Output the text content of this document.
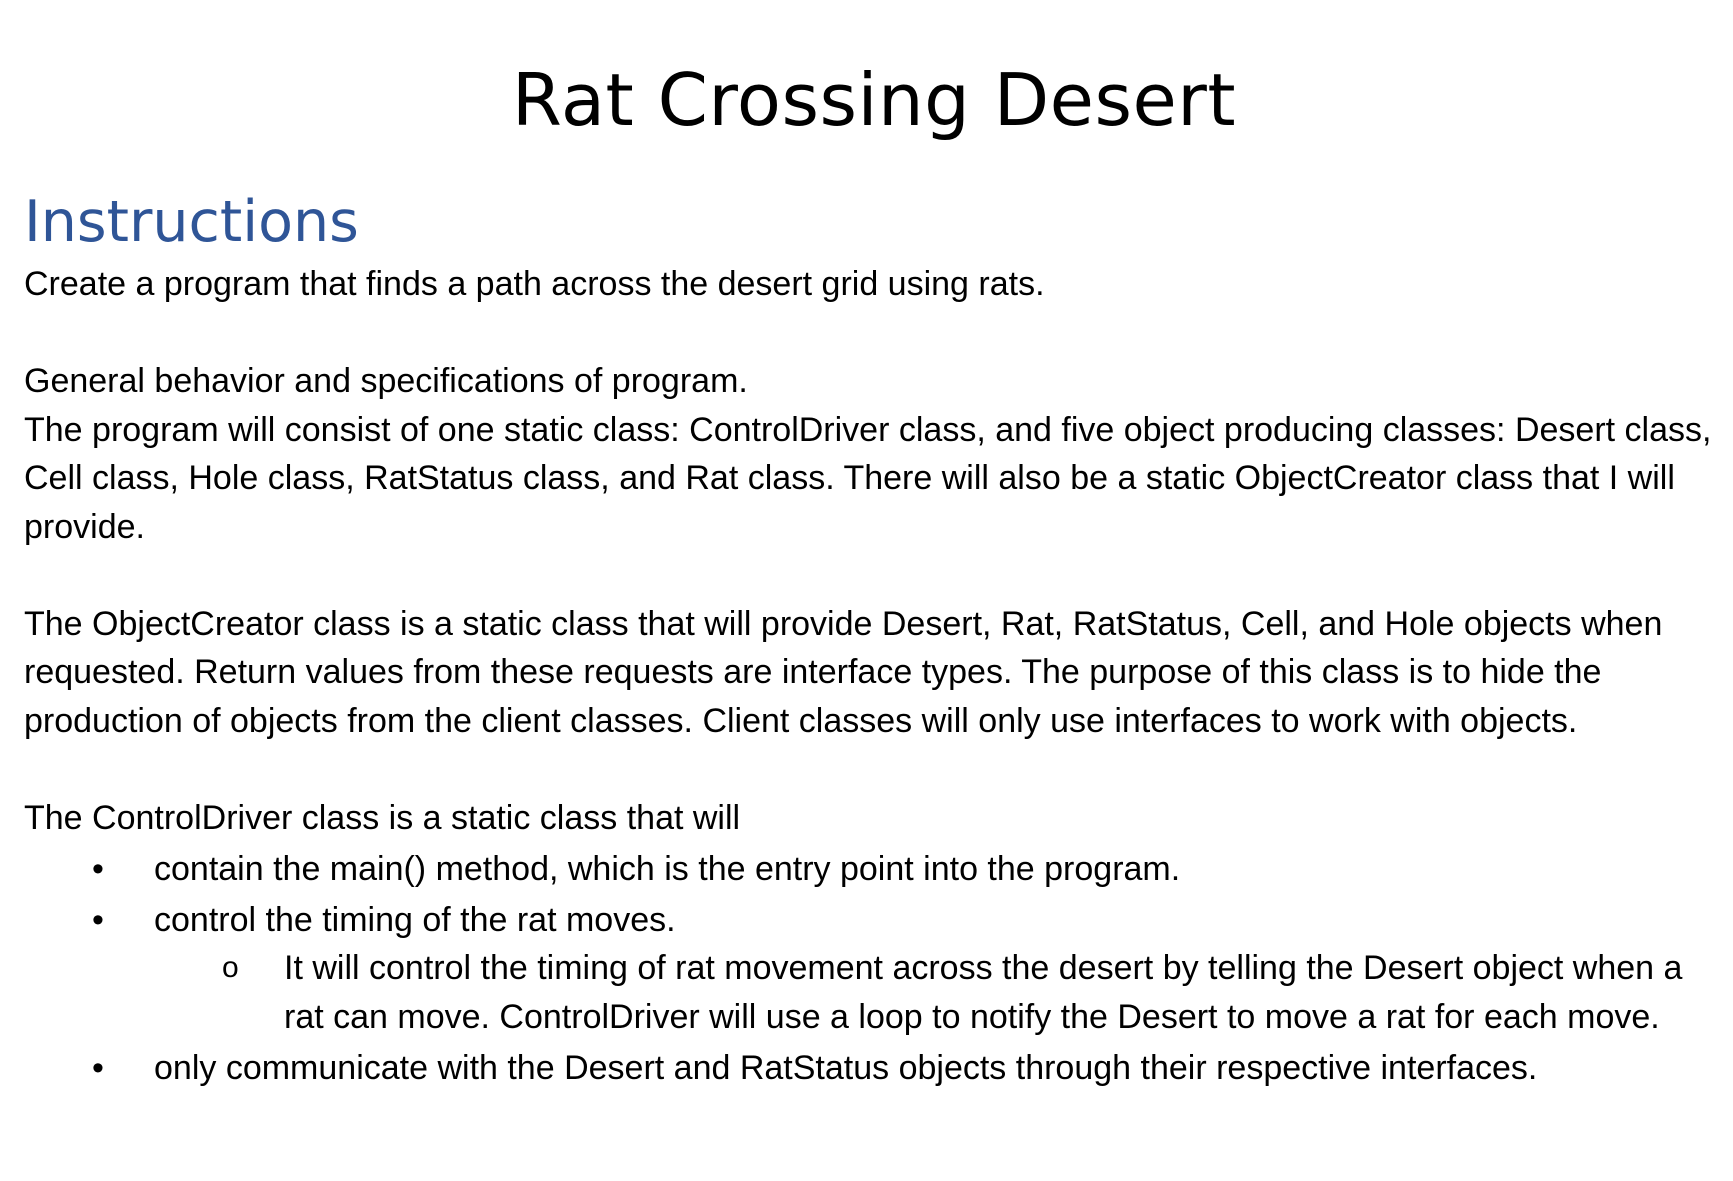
Rat Crossing Desert
Instructions

Create a program that finds a path across the desert grid using rats.

General behavior and specifications of program.

The program will consist of one static class: ControlDriver class, and five object producing classes: Desert class, Cell class, Hole class, RatStatus class, and Rat class. There will also be a static ObjectCreator class that I will provide.

The ObjectCreator class is a static class that will provide Desert, Rat, RatStatus, Cell, and Hole objects when requested. Return values from these requests are interface types. The purpose of this class is to hide the production of objects from the client classes. Client classes will only use interfaces to work with objects.

The ControlDriver class is a static class that will

• contain the main() method, which is the entry point into the program.
• control the timing of the rat moves.
o It will control the timing of rat movement across the desert by telling the Desert object when a rat can move. ControlDriver will use a loop to notify the Desert to move a rat for each move.
• only communicate with the Desert and RatStatus objects through their respective interfaces.
